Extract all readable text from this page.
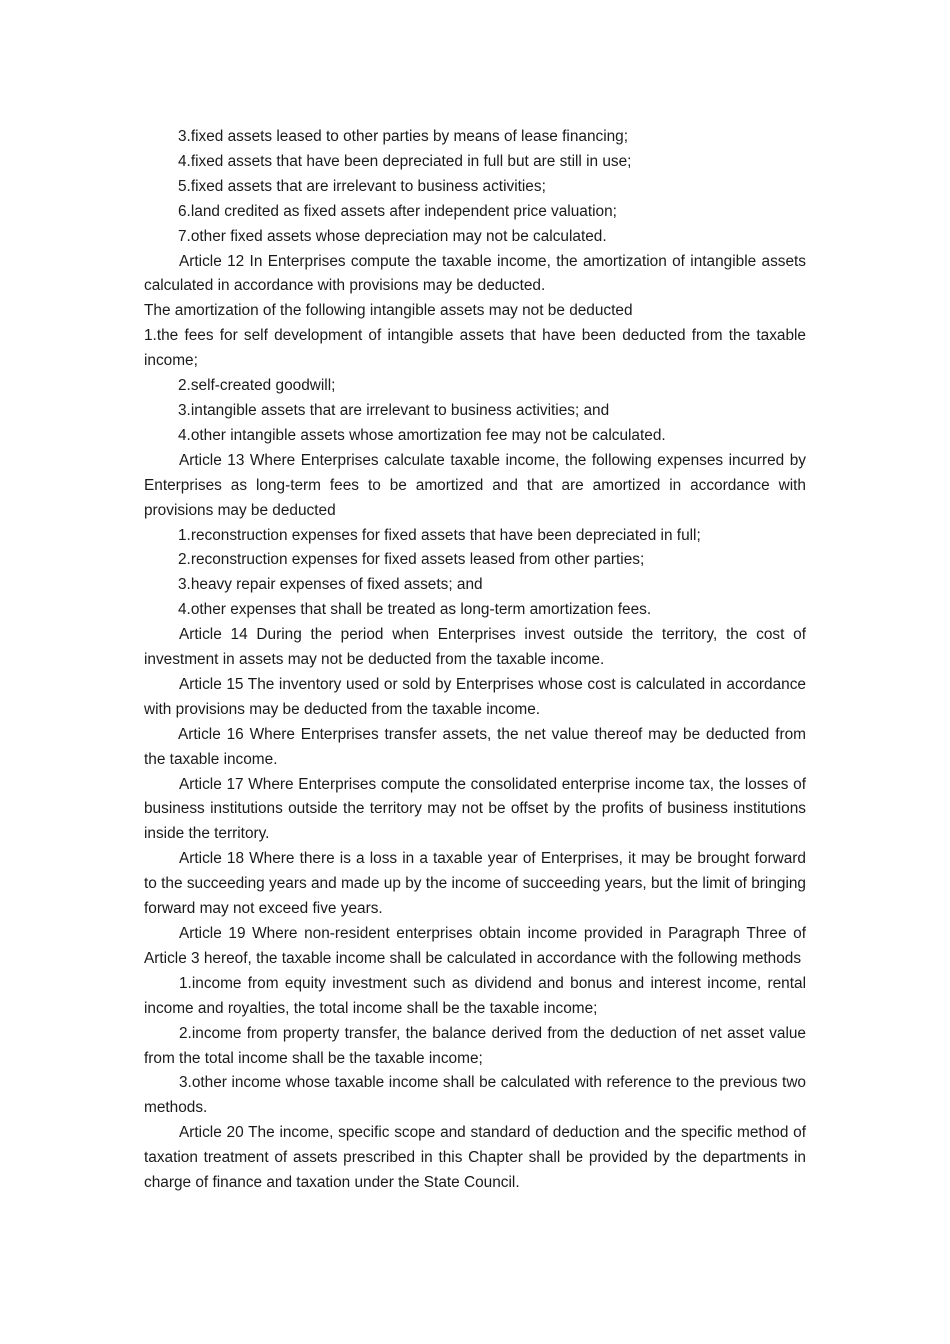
3.fixed assets leased to other parties by means of lease financing;

4.fixed assets that have been depreciated in full but are still in use;

5.fixed assets that are irrelevant to business activities;

6.land credited as fixed assets after independent price valuation;

7.other fixed assets whose depreciation may not be calculated.

Article 12 In Enterprises compute the taxable income, the amortization of intangible assets calculated in accordance with provisions may be deducted.

The amortization of the following intangible assets may not be deducted

1.the fees for self development of intangible assets that have been deducted from the taxable income;

2.self-created goodwill;

3.intangible assets that are irrelevant to business activities; and

4.other intangible assets whose amortization fee may not be calculated.

Article 13 Where Enterprises calculate taxable income, the following expenses incurred by Enterprises as long-term fees to be amortized and that are amortized in accordance with provisions may be deducted

1.reconstruction expenses for fixed assets that have been depreciated in full;

2.reconstruction expenses for fixed assets leased from other parties;

3.heavy repair expenses of fixed assets; and

4.other expenses that shall be treated as long-term amortization fees.

Article 14 During the period when Enterprises invest outside the territory, the cost of investment in assets may not be deducted from the taxable income.

Article 15 The inventory used or sold by Enterprises whose cost is calculated in accordance with provisions may be deducted from the taxable income.

Article 16 Where Enterprises transfer assets, the net value thereof may be deducted from the taxable income.

Article 17 Where Enterprises compute the consolidated enterprise income tax, the losses of business institutions outside the territory may not be offset by the profits of business institutions inside the territory.

Article 18 Where there is a loss in a taxable year of Enterprises, it may be brought forward to the succeeding years and made up by the income of succeeding years, but the limit of bringing forward may not exceed five years.

Article 19 Where non-resident enterprises obtain income provided in Paragraph Three of Article 3 hereof, the taxable income shall be calculated in accordance with the following methods

1.income from equity investment such as dividend and bonus and interest income, rental income and royalties, the total income shall be the taxable income;

2.income from property transfer, the balance derived from the deduction of net asset value from the total income shall be the taxable income;

3.other income whose taxable income shall be calculated with reference to the previous two methods.

Article 20 The income, specific scope and standard of deduction and the specific method of taxation treatment of assets prescribed in this Chapter shall be provided by the departments in charge of finance and taxation under the State Council.
